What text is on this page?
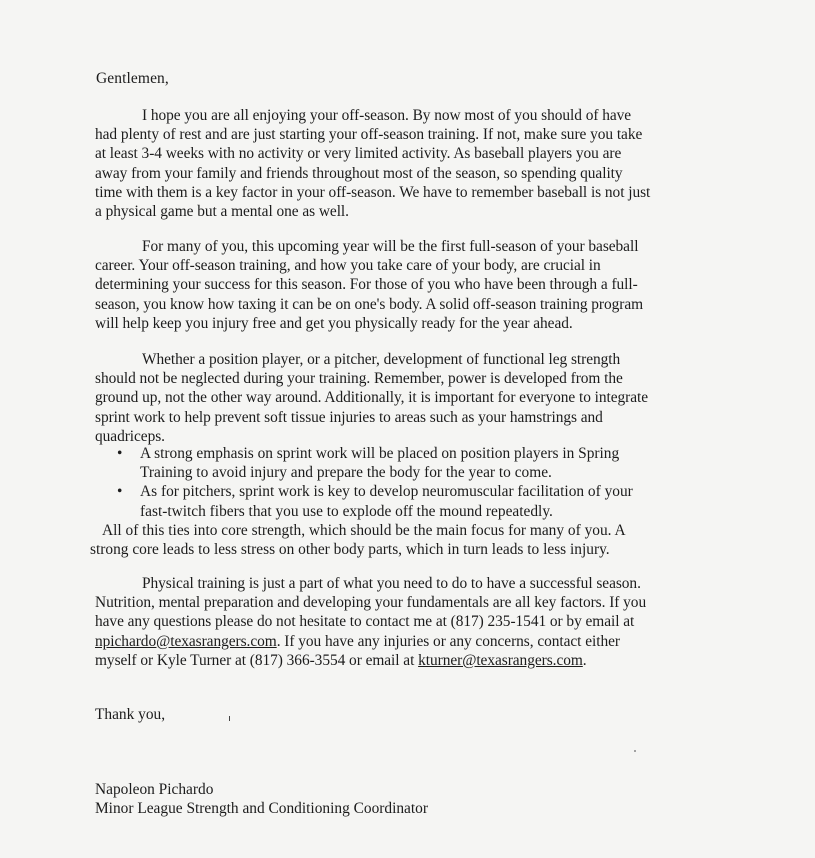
Gentlemen,

I hope you are all enjoying your off-season. By now most of you should of have had plenty of rest and are just starting your off-season training. If not, make sure you take at least 3-4 weeks with no activity or very limited activity. As baseball players you are away from your family and friends throughout most of the season, so spending quality time with them is a key factor in your off-season. We have to remember baseball is not just a physical game but a mental one as well.

For many of you, this upcoming year will be the first full-season of your baseball career. Your off-season training, and how you take care of your body, are crucial in determining your success for this season. For those of you who have been through a full-season, you know how taxing it can be on one's body. A solid off-season training program will help keep you injury free and get you physically ready for the year ahead.

Whether a position player, or a pitcher, development of functional leg strength should not be neglected during your training. Remember, power is developed from the ground up, not the other way around. Additionally, it is important for everyone to integrate sprint work to help prevent soft tissue injuries to areas such as your hamstrings and quadriceps.

• A strong emphasis on sprint work will be placed on position players in Spring Training to avoid injury and prepare the body for the year to come.
• As for pitchers, sprint work is key to develop neuromuscular facilitation of your fast-twitch fibers that you use to explode off the mound repeatedly.

All of this ties into core strength, which should be the main focus for many of you. A strong core leads to less stress on other body parts, which in turn leads to less injury.

Physical training is just a part of what you need to do to have a successful season. Nutrition, mental preparation and developing your fundamentals are all key factors. If you have any questions please do not hesitate to contact me at (817) 235-1541 or by email at npichardo@texasrangers.com. If you have any injuries or any concerns, contact either myself or Kyle Turner at (817) 366-3554 or email at kturner@texasrangers.com.

Thank you,
Napoleon Pichardo
Minor League Strength and Conditioning Coordinator
